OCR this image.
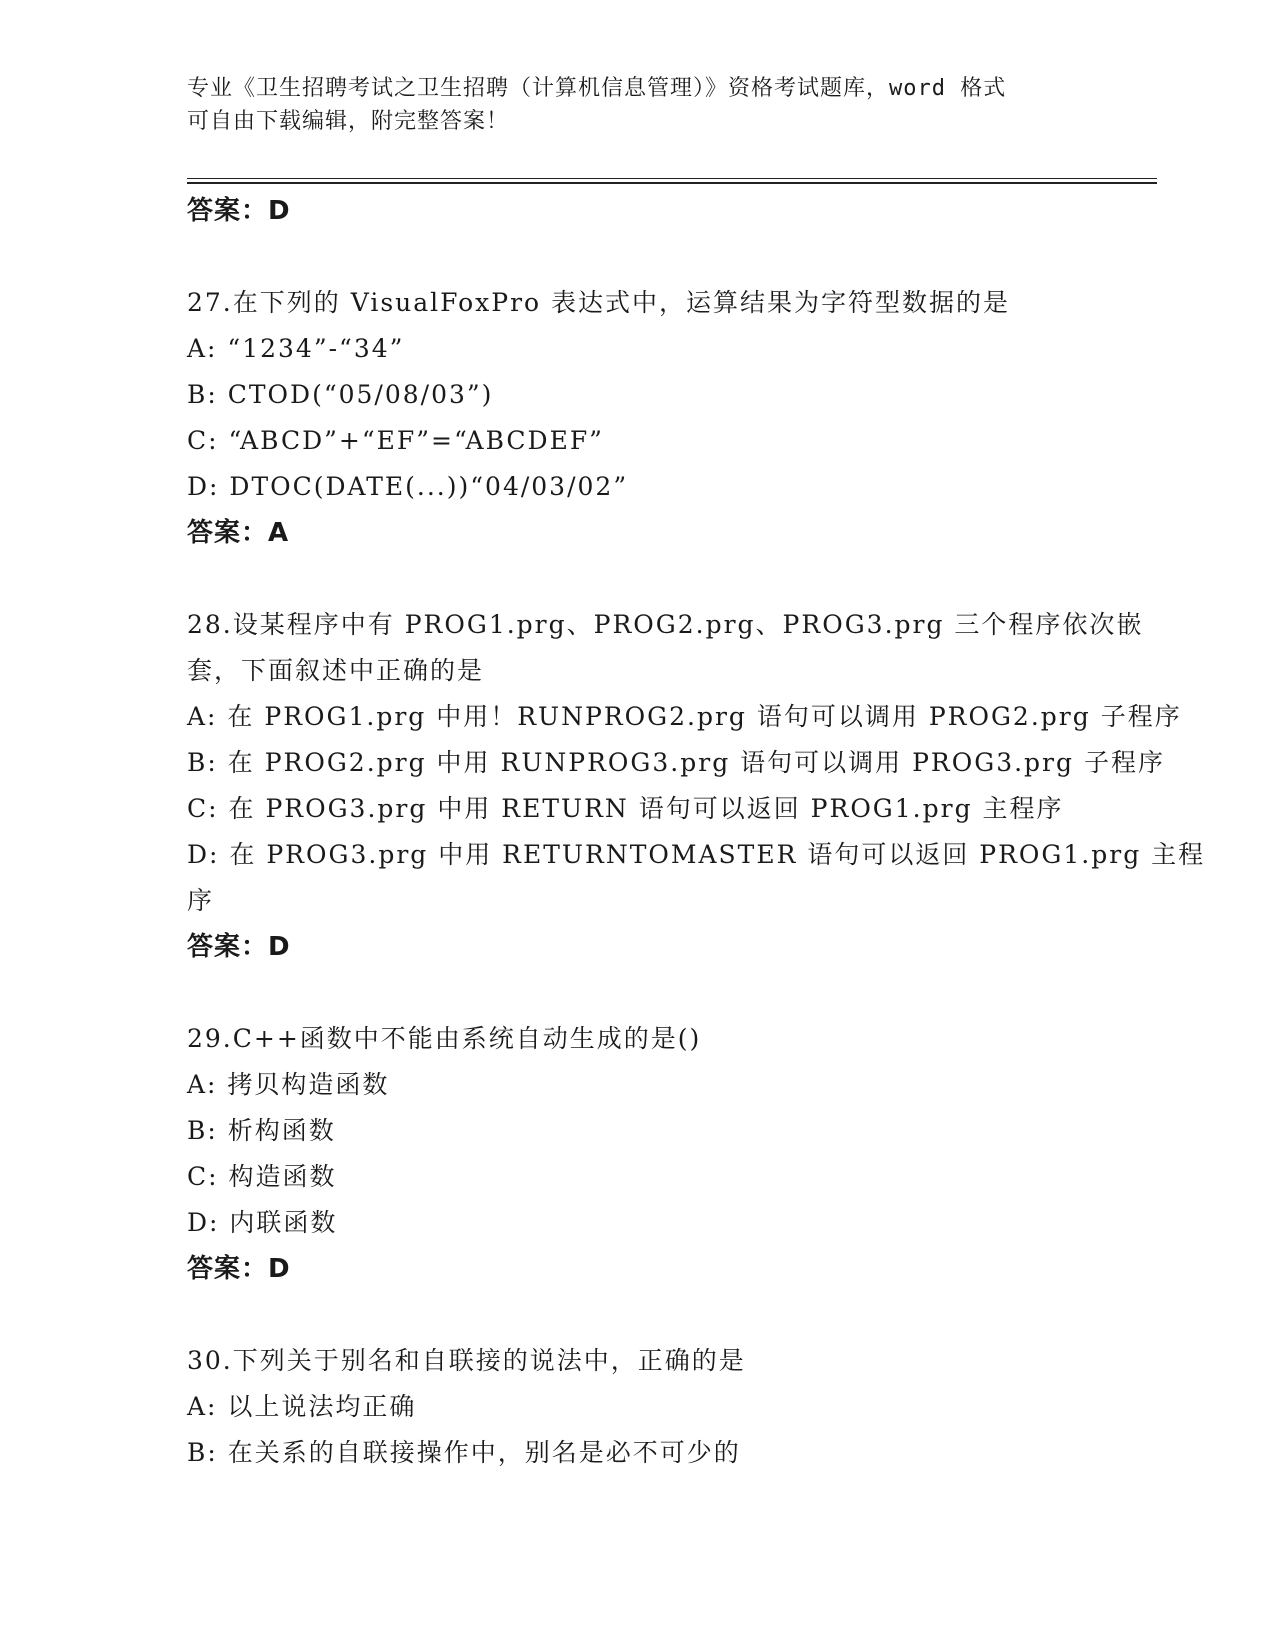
专业《卫生招聘考试之卫生招聘（计算机信息管理）》资格考试题库，word 格式
可自由下载编辑，附完整答案！
答案：D
27.在下列的 VisualFoxPro 表达式中，运算结果为字符型数据的是
A: “1234”-“34”
B: CTOD(“05/08/03”)
C: “ABCD”+“EF”=“ABCDEF”
D: DTOC(DATE(...))“04/03/02”
答案：A
28.设某程序中有 PROG1.prg、PROG2.prg、PROG3.prg 三个程序依次嵌
套，下面叙述中正确的是
A: 在 PROG1.prg 中用！RUNPROG2.prg 语句可以调用 PROG2.prg 子程序
B: 在 PROG2.prg 中用 RUNPROG3.prg 语句可以调用 PROG3.prg 子程序
C: 在 PROG3.prg 中用 RETURN 语句可以返回 PROG1.prg 主程序
D: 在 PROG3.prg 中用 RETURNTOMASTER 语句可以返回 PROG1.prg 主程
序
答案：D
29.C++函数中不能由系统自动生成的是()
A: 拷贝构造函数
B: 析构函数
C: 构造函数
D: 内联函数
答案：D
30.下列关于别名和自联接的说法中，正确的是
A: 以上说法均正确
B: 在关系的自联接操作中，别名是必不可少的
